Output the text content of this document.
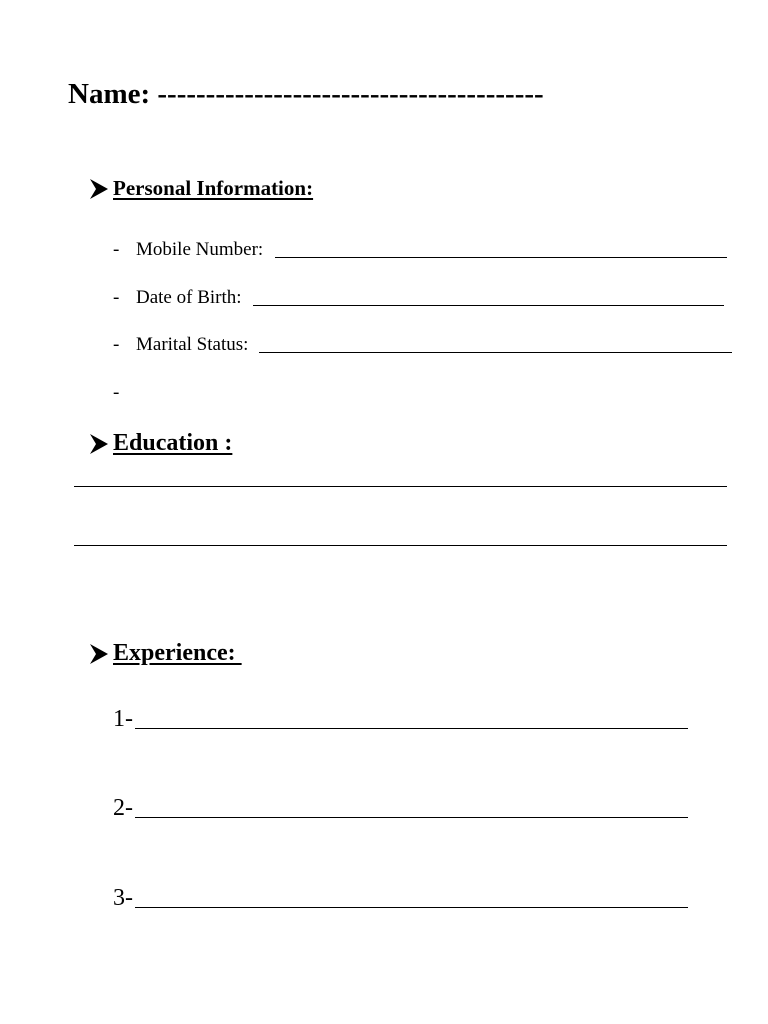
Name: ----------------------------------------
Personal Information:
- Mobile Number:
- Date of Birth:
- Marital Status:
-
Education :
Experience:
1-
2-
3-
